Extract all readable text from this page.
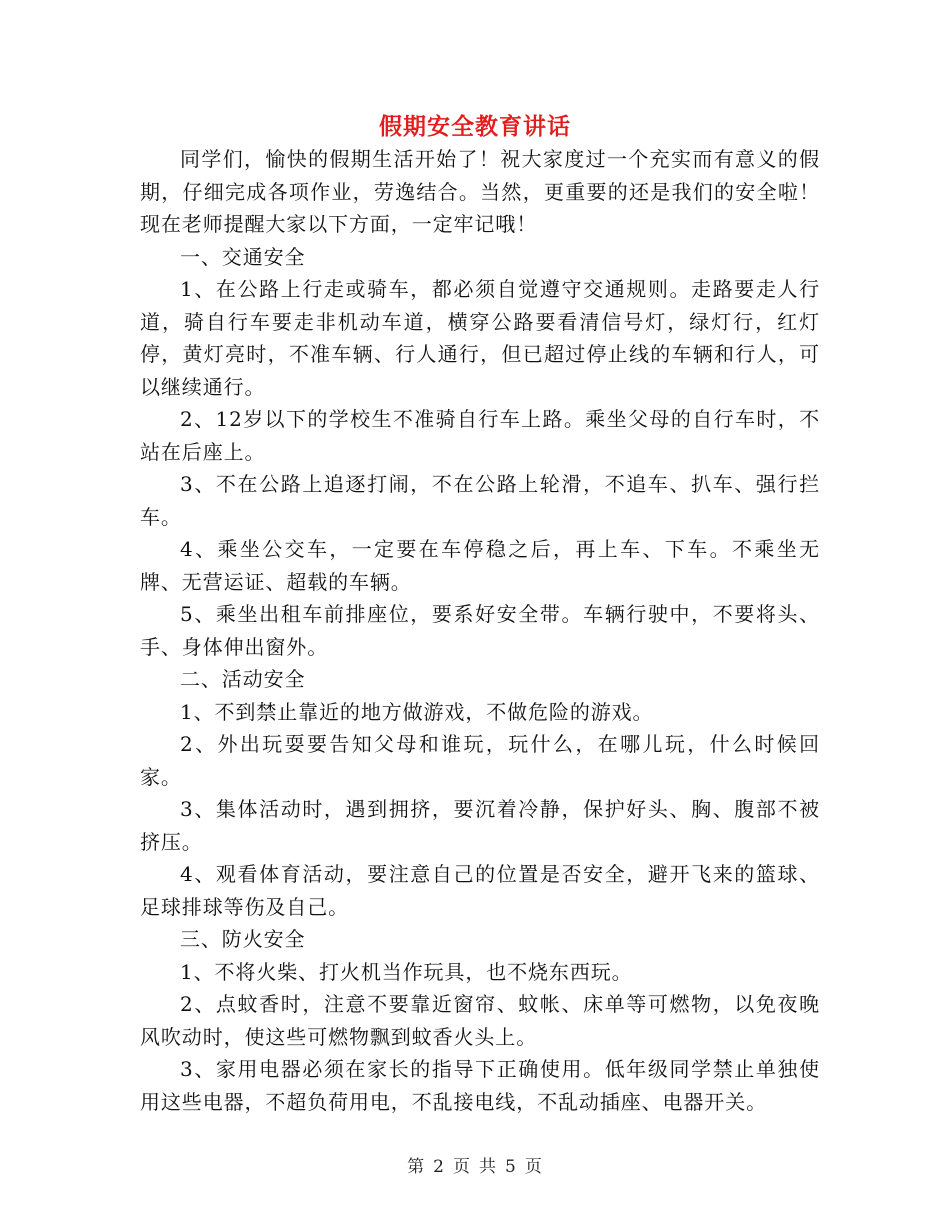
假期安全教育讲话

同学们，愉快的假期生活开始了！祝大家度过一个充实而有意义的假期，仔细完成各项作业，劳逸结合。当然，更重要的还是我们的安全啦！现在老师提醒大家以下方面，一定牢记哦！

一、交通安全

1、在公路上行走或骑车，都必须自觉遵守交通规则。走路要走人行道，骑自行车要走非机动车道，横穿公路要看清信号灯，绿灯行，红灯停，黄灯亮时，不准车辆、行人通行，但已超过停止线的车辆和行人，可以继续通行。

2、12岁以下的学校生不准骑自行车上路。乘坐父母的自行车时，不站在后座上。

3、不在公路上追逐打闹，不在公路上轮滑，不追车、扒车、强行拦车。

4、乘坐公交车，一定要在车停稳之后，再上车、下车。不乘坐无牌、无营运证、超载的车辆。

5、乘坐出租车前排座位，要系好安全带。车辆行驶中，不要将头、手、身体伸出窗外。

二、活动安全

1、不到禁止靠近的地方做游戏，不做危险的游戏。

2、外出玩耍要告知父母和谁玩，玩什么，在哪儿玩，什么时候回家。

3、集体活动时，遇到拥挤，要沉着冷静，保护好头、胸、腹部不被挤压。

4、观看体育活动，要注意自己的位置是否安全，避开飞来的篮球、足球排球等伤及自己。

三、防火安全

1、不将火柴、打火机当作玩具，也不烧东西玩。

2、点蚊香时，注意不要靠近窗帘、蚊帐、床单等可燃物，以免夜晚风吹动时，使这些可燃物飘到蚊香火头上。

3、家用电器必须在家长的指导下正确使用。低年级同学禁止单独使用这些电器，不超负荷用电，不乱接电线，不乱动插座、电器开关。

第 2 页 共 5 页
